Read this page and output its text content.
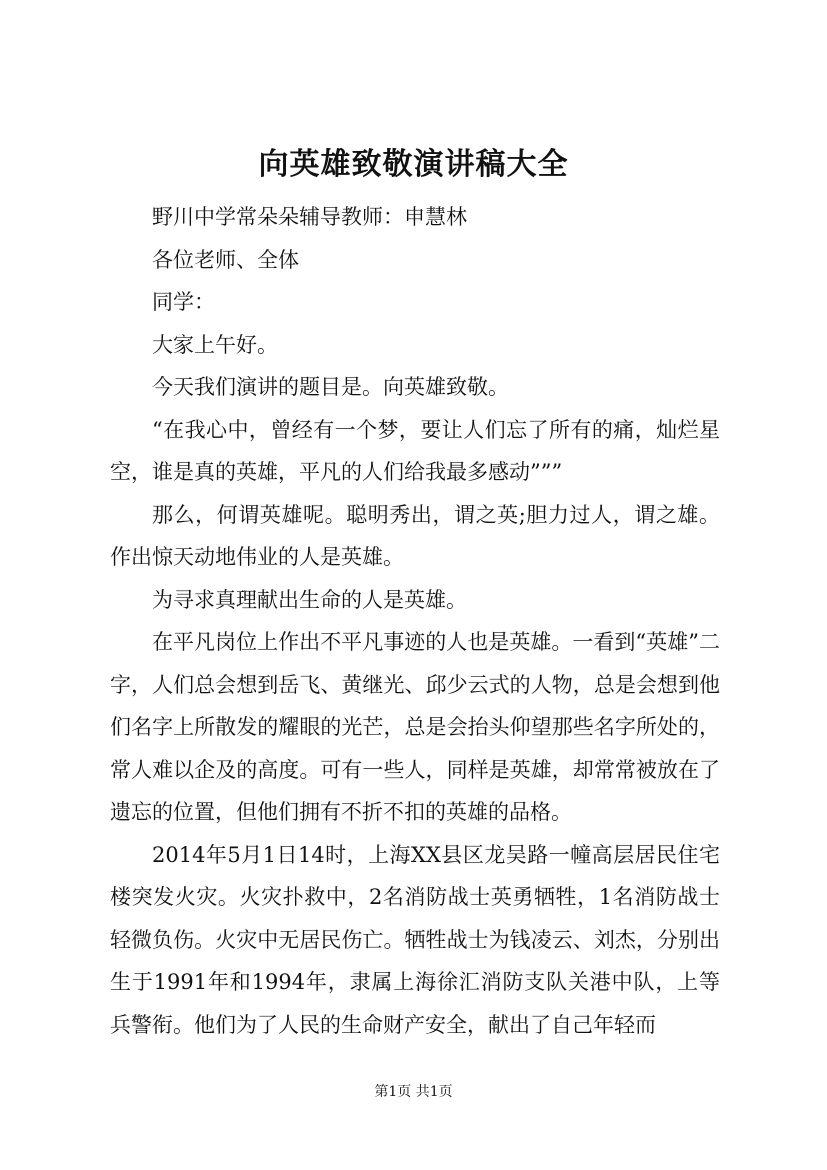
向英雄致敬演讲稿大全

野川中学常朵朵辅导教师：申慧林

各位老师、全体

同学：

大家上午好。

今天我们演讲的题目是。向英雄致敬。

“在我心中，曾经有一个梦，要让人们忘了所有的痛，灿烂星空，谁是真的英雄，平凡的人们给我最多感动”””

那么，何谓英雄呢。聪明秀出，谓之英;胆力过人，谓之雄。作出惊天动地伟业的人是英雄。

为寻求真理献出生命的人是英雄。

在平凡岗位上作出不平凡事迹的人也是英雄。一看到“英雄”二字，人们总会想到岳飞、黄继光、邱少云式的人物，总是会想到他们名字上所散发的耀眼的光芒，总是会抬头仰望那些名字所处的，常人难以企及的高度。可有一些人，同样是英雄，却常常被放在了遗忘的位置，但他们拥有不折不扣的英雄的品格。

2014年5月1日14时，上海XX县区龙吴路一幢高层居民住宅楼突发火灾。火灾扑救中，2名消防战士英勇牺牲，1名消防战士轻微负伤。火灾中无居民伤亡。牺牲战士为钱凌云、刘杰，分别出生于1991年和1994年，隶属上海徐汇消防支队关港中队，上等兵警衔。他们为了人民的生命财产安全，献出了自己年轻而

第1页 共1页
